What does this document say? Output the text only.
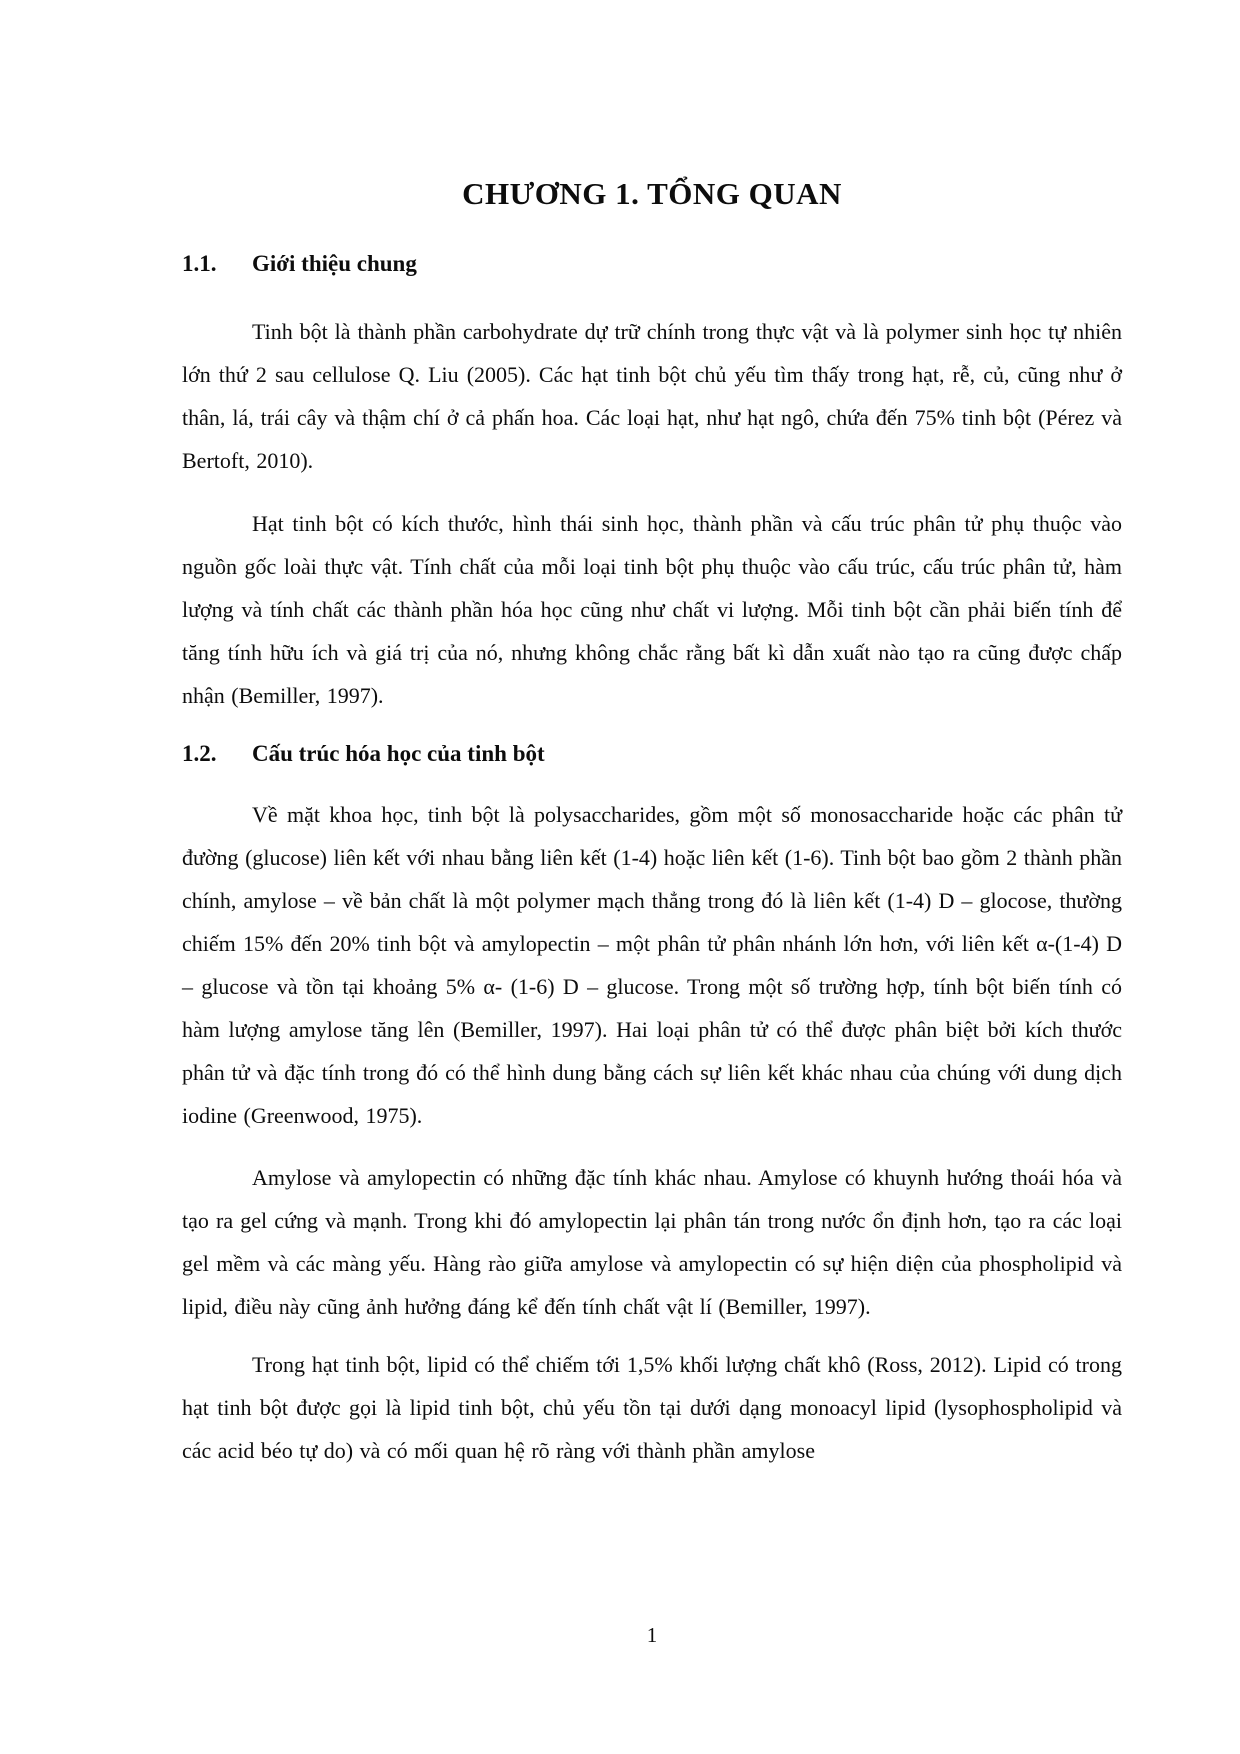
CHƯƠNG 1. TỔNG QUAN
1.1.	Giới thiệu chung

Tinh bột là thành phần carbohydrate dự trữ chính trong thực vật và là polymer sinh học tự nhiên lớn thứ 2 sau cellulose Q. Liu (2005). Các hạt tinh bột chủ yếu tìm thấy trong hạt, rễ, củ, cũng như ở thân, lá, trái cây và thậm chí ở cả phấn hoa. Các loại hạt, như hạt ngô, chứa đến 75% tinh bột (Pérez và Bertoft, 2010).

Hạt tinh bột có kích thước, hình thái sinh học, thành phần và cấu trúc phân tử phụ thuộc vào nguồn gốc loài thực vật. Tính chất của mỗi loại tinh bột phụ thuộc vào cấu trúc, cấu trúc phân tử, hàm lượng và tính chất các thành phần hóa học cũng như chất vi lượng. Mỗi tinh bột cần phải biến tính để tăng tính hữu ích và giá trị của nó, nhưng không chắc rằng bất kì dẫn xuất nào tạo ra cũng được chấp nhận (Bemiller, 1997).

1.2.	Cấu trúc hóa học của tinh bột

Về mặt khoa học, tinh bột là polysaccharides, gồm một số monosaccharide hoặc các phân tử đường (glucose) liên kết với nhau bằng liên kết (1-4) hoặc liên kết (1-6). Tinh bột bao gồm 2 thành phần chính, amylose – về bản chất là một polymer mạch thẳng trong đó là liên kết (1-4) D – glocose, thường chiếm 15% đến 20% tinh bột và amylopectin – một phân tử phân nhánh lớn hơn, với liên kết α-(1-4) D – glucose và tồn tại khoảng 5% α- (1-6) D – glucose. Trong một số trường hợp, tính bột biến tính có hàm lượng amylose tăng lên (Bemiller, 1997). Hai loại phân tử có thể được phân biệt bởi kích thước phân tử và đặc tính trong đó có thể hình dung bằng cách sự liên kết khác nhau của chúng với dung dịch iodine (Greenwood, 1975).

Amylose và amylopectin có những đặc tính khác nhau. Amylose có khuynh hướng thoái hóa và tạo ra gel cứng và mạnh. Trong khi đó amylopectin lại phân tán trong nước ổn định hơn, tạo ra các loại gel mềm và các màng yếu. Hàng rào giữa amylose và amylopectin có sự hiện diện của phospholipid và lipid, điều này cũng ảnh hưởng đáng kể đến tính chất vật lí (Bemiller, 1997).

Trong hạt tinh bột, lipid có thể chiếm tới 1,5% khối lượng chất khô (Ross, 2012). Lipid có trong hạt tinh bột được gọi là lipid tinh bột, chủ yếu tồn tại dưới dạng monoacyl lipid (lysophospholipid và các acid béo tự do) và có mối quan hệ rõ ràng với thành phần amylose

1
